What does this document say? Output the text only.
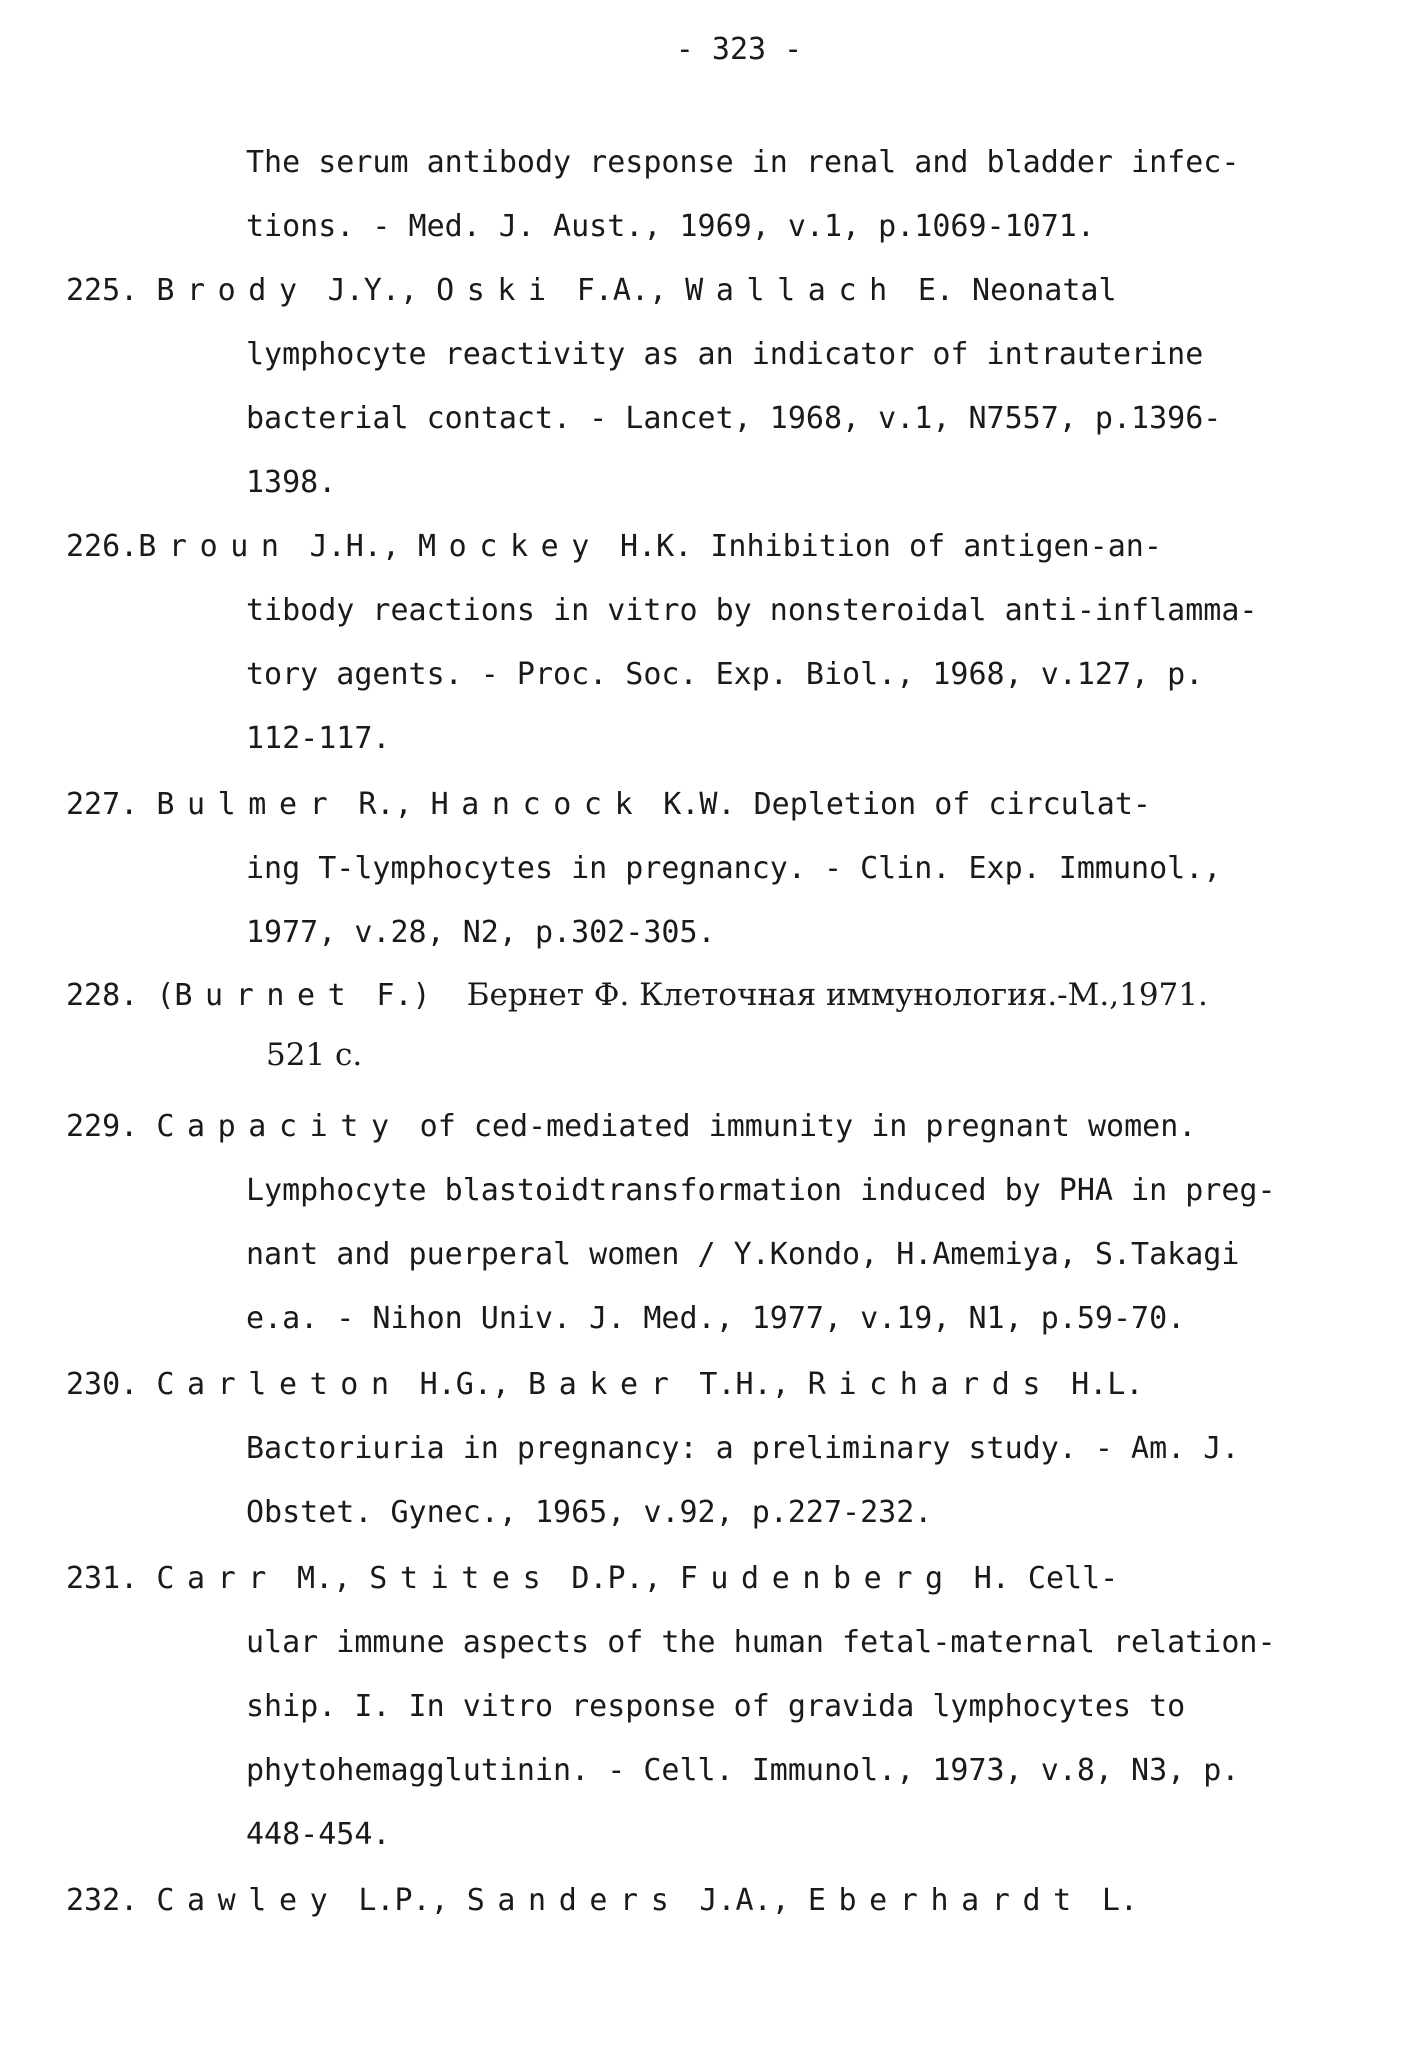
- 323 -
The serum antibody response in renal and bladder infec-
tions. - Med. J. Aust., 1969, v.1, p.1069-1071.
225. Brody J.Y., Oski F.A., Wallach E. Neonatal
lymphocyte reactivity as an indicator of intrauterine
bacterial contact. - Lancet, 1968, v.1, N7557, p.1396-
1398.
226.Broun J.H., Mockey H.K. Inhibition of antigen-an-
tibody reactions in vitro by nonsteroidal anti-inflamma-
tory agents. - Proc. Soc. Exp. Biol., 1968, v.127, p.
112-117.
227. Bulmer R., Hancock K.W. Depletion of circulat-
ing T-lymphocytes in pregnancy. - Clin. Exp. Immunol.,
1977, v.28, N2, p.302-305.
228. (Burnet F.)  Бернет Ф. Клеточная иммунология.-М.,1971.
521 с.
229. Capacity of ced-mediated immunity in pregnant women.
Lymphocyte blastoidtransformation induced by PHA in preg-
nant and puerperal women / Y.Kondo, H.Amemiya, S.Takagi
e.a. - Nihon Univ. J. Med., 1977, v.19, N1, p.59-70.
230. Carleton H.G., Baker T.H., Richards H.L.
Bactoriuria in pregnancy: a preliminary study. - Am. J.
Obstet. Gynec., 1965, v.92, p.227-232.
231. Carr M., Stites D.P., Fudenberg H. Cell-
ular immune aspects of the human fetal-maternal relation-
ship. I. In vitro response of gravida lymphocytes to
phytohemagglutinin. - Cell. Immunol., 1973, v.8, N3, p.
448-454.
232. Cawley L.P., Sanders J.A., Eberhardt L.
